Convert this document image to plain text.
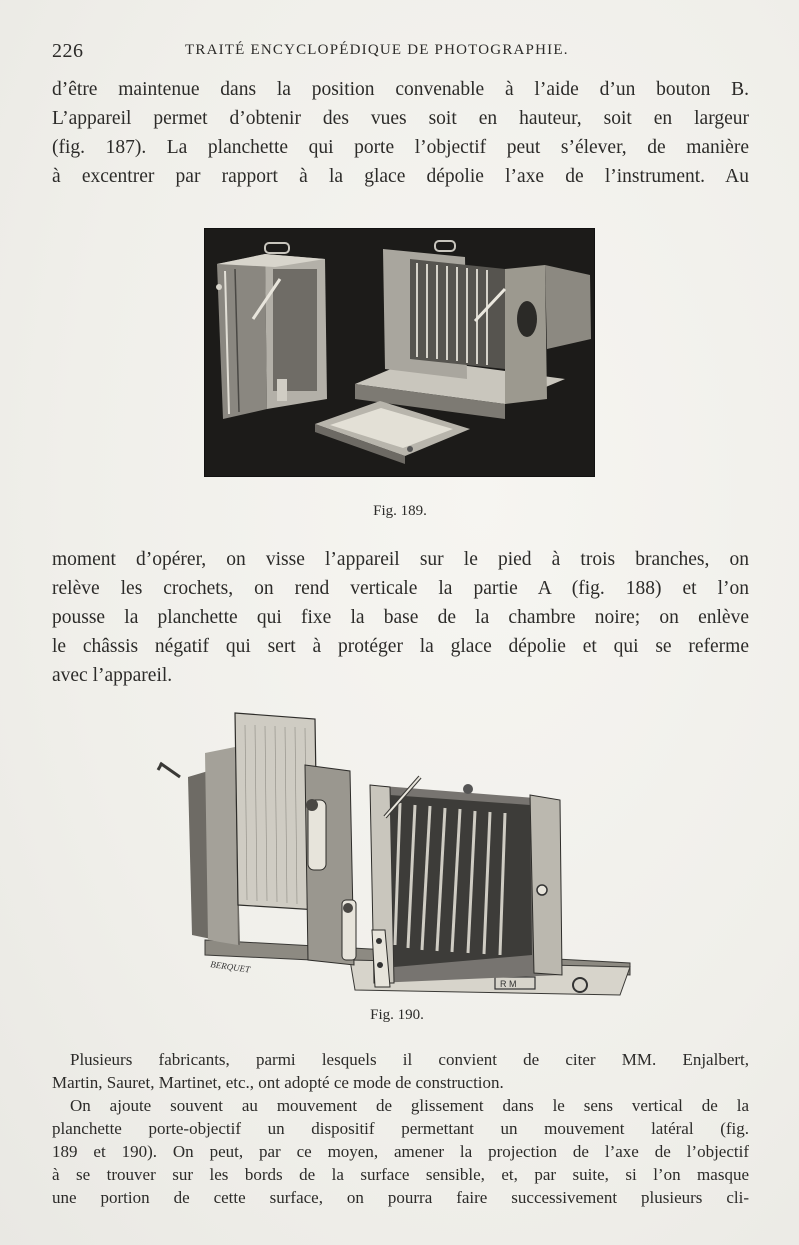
226	TRAITÉ ENCYCLOPÉDIQUE DE PHOTOGRAPHIE.

d’être maintenue dans la position convenable à l’aide d’un bouton B.
L’appareil permet d’obtenir des vues soit en hauteur, soit en largeur
(fig. 187). La planchette qui porte l’objectif peut s’élever, de manière
à excentrer par rapport à la glace dépolie l’axe de l’instrument. Au

Fig. 189.

moment d’opérer, on visse l’appareil sur le pied à trois branches, on
relève les crochets, on rend verticale la partie A (fig. 188) et l’on
pousse la planchette qui fixe la base de la chambre noire; on enlève
le châssis négatif qui sert à protéger la glace dépolie et qui se referme
avec l’appareil.

R M
BERQUET
Fig. 190.

Plusieurs fabricants, parmi lesquels il convient de citer MM. Enjalbert,
Martin, Sauret, Martinet, etc., ont adopté ce mode de construction.
On ajoute souvent au mouvement de glissement dans le sens vertical de la
planchette porte-objectif un dispositif permettant un mouvement latéral (fig.
189 et 190). On peut, par ce moyen, amener la projection de l’axe de l’objectif
à se trouver sur les bords de la surface sensible, et, par suite, si l’on masque
une portion de cette surface, on pourra faire successivement plusieurs cli-
